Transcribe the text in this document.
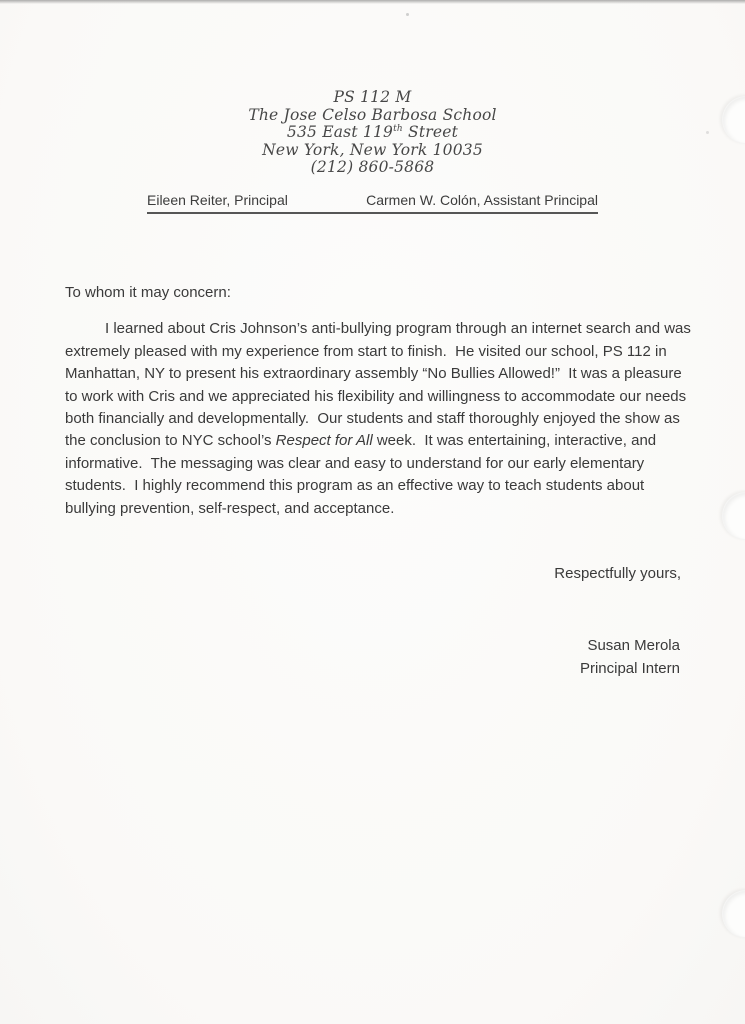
PS 112 M
The Jose Celso Barbosa School
535 East 119th Street
New York, New York 10035
(212) 860-5868
Eileen Reiter, Principal	Carmen W. Colón, Assistant Principal
To whom it may concern:
I learned about Cris Johnson’s anti-bullying program through an internet search and was
extremely pleased with my experience from start to finish.  He visited our school, PS 112 in
Manhattan, NY to present his extraordinary assembly “No Bullies Allowed!”  It was a pleasure
to work with Cris and we appreciated his flexibility and willingness to accommodate our needs
both financially and developmentally.  Our students and staff thoroughly enjoyed the show as
the conclusion to NYC school’s Respect for All week.  It was entertaining, interactive, and
informative.  The messaging was clear and easy to understand for our early elementary
students.  I highly recommend this program as an effective way to teach students about
bullying prevention, self-respect, and acceptance.
Respectfully yours,
Susan Merola
Principal Intern
